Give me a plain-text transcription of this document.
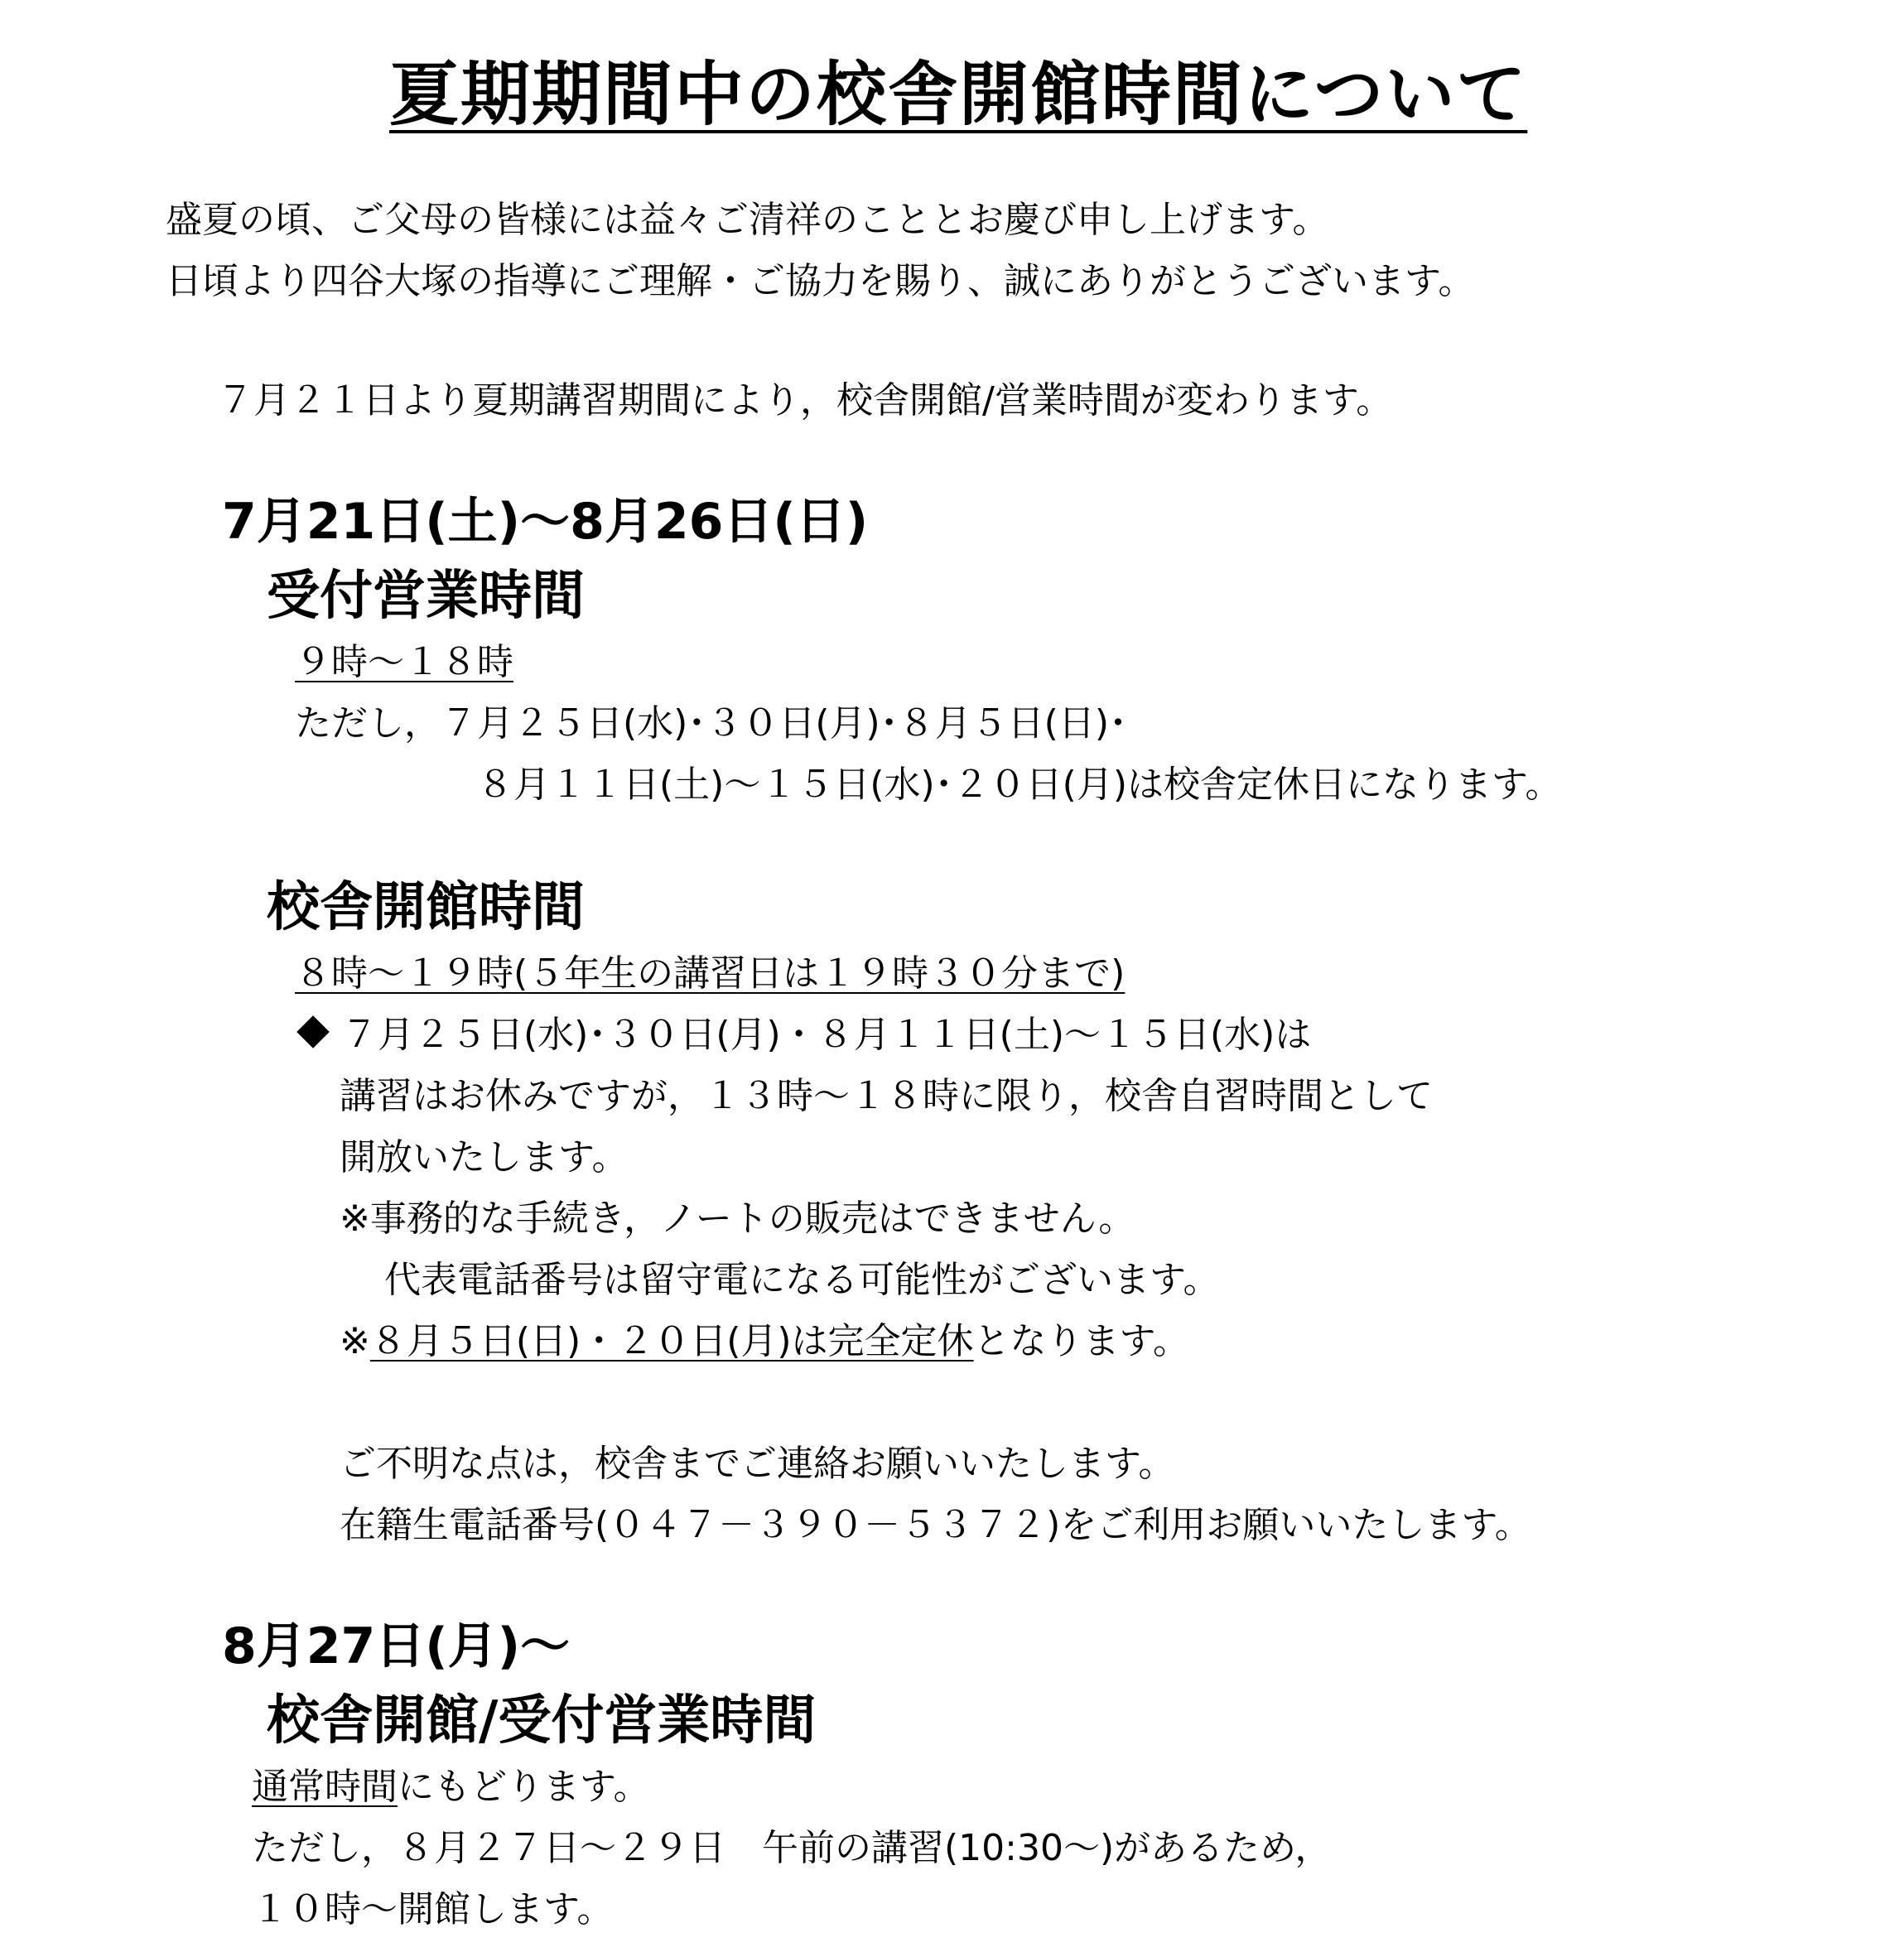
夏期期間中の校舎開館時間について
盛夏の頃、ご父母の皆様には益々ご清祥のこととお慶び申し上げます。
日頃より四谷大塚の指導にご理解・ご協力を賜り、誠にありがとうございます。
７月２１日より夏期講習期間により，校舎開館/営業時間が変わります。
7月21日(土)～8月26日(日)
受付営業時間
９時～１８時
ただし，７月２５日(水)･３０日(月)･８月５日(日)･
８月１１日(土)～１５日(水)･２０日(月)は校舎定休日になります。
校舎開館時間
８時～１９時(５年生の講習日は１９時３０分まで)
７月２５日(水)･３０日(月)・８月１１日(土)～１５日(水)は
講習はお休みですが，１３時～１８時に限り，校舎自習時間として
開放いたします。
※事務的な手続き，ノートの販売はできません。
代表電話番号は留守電になる可能性がございます。
※８月５日(日)・２０日(月)は完全定休となります。
ご不明な点は，校舎までご連絡お願いいたします。
在籍生電話番号(０４７－３９０－５３７２)をご利用お願いいたします。
8月27日(月)～
校舎開館/受付営業時間
通常時間にもどります。
ただし，８月２７日～２９日　午前の講習(10:30～)があるため，
１０時～開館します。
